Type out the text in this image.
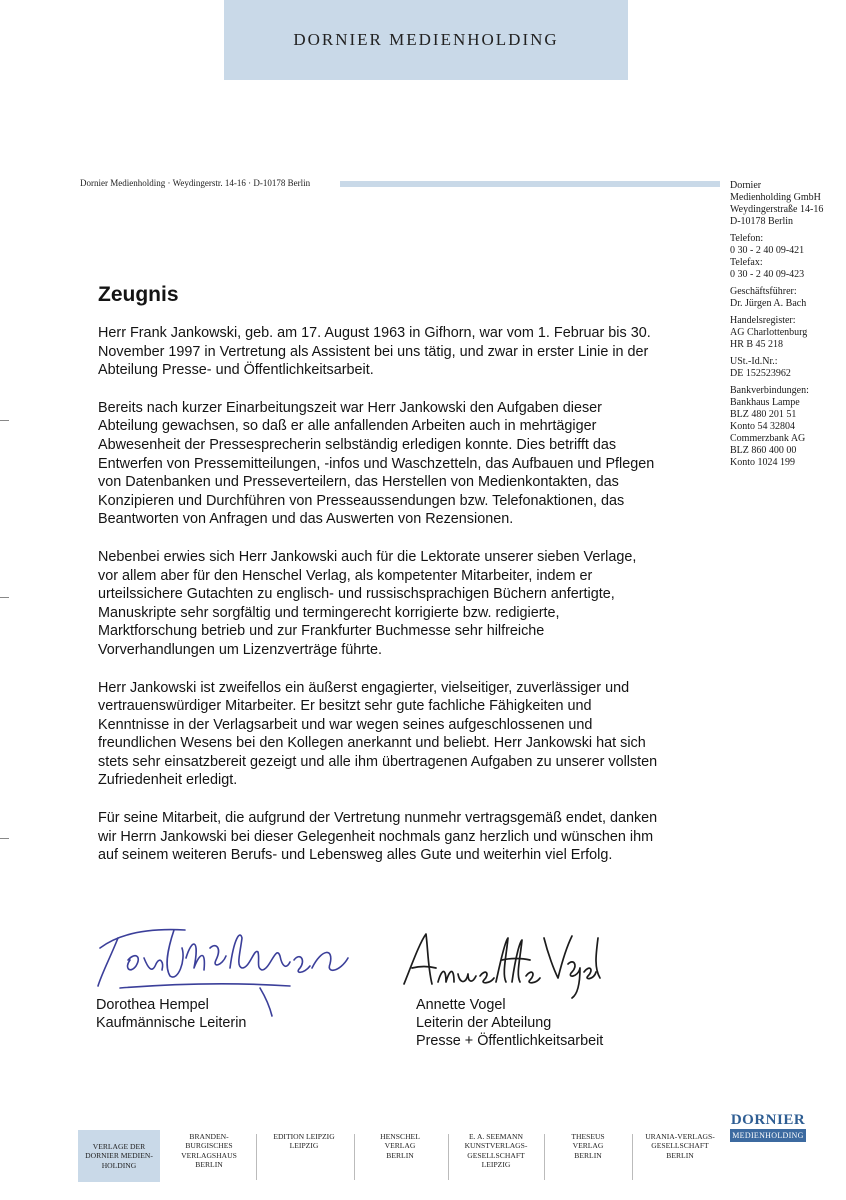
DORNIER MEDIENHOLDING
Dornier Medienholding · Weydingerstr. 14-16 · D-10178 Berlin	Dornier
Medienholding GmbH
Weydingerstraße 14-16
D-10178 Berlin
Telefon:
0 30 - 2 40 09-421
Telefax:
0 30 - 2 40 09-423
Geschäftsführer:
Dr. Jürgen A. Bach
Handelsregister:
AG Charlottenburg
HR B 45 218
USt.-Id.Nr.:
DE 152523962
Bankverbindungen:
Bankhaus Lampe
BLZ 480 201 51
Konto 54 32804
Commerzbank AG
BLZ 860 400 00
Konto 1024 199
Zeugnis

Herr Frank Jankowski, geb. am 17. August 1963 in Gifhorn, war vom 1. Februar bis 30. November 1997 in Vertretung als Assistent bei uns tätig, und zwar in erster Linie in der Abteilung Presse- und Öffentlichkeitsarbeit.

Bereits nach kurzer Einarbeitungszeit war Herr Jankowski den Aufgaben dieser Abteilung gewachsen, so daß er alle anfallenden Arbeiten auch in mehrtägiger Abwesenheit der Pressesprecherin selbständig erledigen konnte. Dies betrifft das Entwerfen von Pressemitteilungen, -infos und Waschzetteln, das Aufbauen und Pflegen von Datenbanken und Presseverteilern, das Herstellen von Medienkontakten, das Konzipieren und Durchführen von Presseaussendungen bzw. Telefonaktionen, das Beantworten von Anfragen und das Auswerten von Rezensionen.

Nebenbei erwies sich Herr Jankowski auch für die Lektorate unserer sieben Verlage, vor allem aber für den Henschel Verlag, als kompetenter Mitarbeiter, indem er urteilssichere Gutachten zu englisch- und russischsprachigen Büchern anfertigte, Manuskripte sehr sorgfältig und termingerecht korrigierte bzw. redigierte, Marktforschung betrieb und zur Frankfurter Buchmesse sehr hilfreiche Vorverhandlungen um Lizenzverträge führte.

Herr Jankowski ist zweifellos ein äußerst engagierter, vielseitiger, zuverlässiger und vertrauenswürdiger Mitarbeiter. Er besitzt sehr gute fachliche Fähigkeiten und Kenntnisse in der Verlagsarbeit und war wegen seines aufgeschlossenen und freundlichen Wesens bei den Kollegen anerkannt und beliebt. Herr Jankowski hat sich stets sehr einsatzbereit gezeigt und alle ihm übertragenen Aufgaben zu unserer vollsten Zufriedenheit erledigt.

Für seine Mitarbeit, die aufgrund der Vertretung nunmehr vertragsgemäß endet, danken wir Herrn Jankowski bei dieser Gelegenheit nochmals ganz herzlich und wünschen ihm auf seinem weiteren Berufs- und Lebensweg alles Gute und weiterhin viel Erfolg.

Dorothea Hempel
Kaufmännische Leiterin
Annette Vogel
Leiterin der Abteilung
Presse + Öffentlichkeitsarbeit
VERLAGE DER
DORNIER MEDIEN-
HOLDING
BRANDEN-
BURGISCHES
VERLAGSHAUS
BERLIN
EDITION LEIPZIG
LEIPZIG
HENSCHEL
VERLAG
BERLIN
E. A. SEEMANN
KUNSTVERLAGS-
GESELLSCHAFT
LEIPZIG
THESEUS
VERLAG
BERLIN
URANIA-VERLAGS-
GESELLSCHAFT
BERLIN
DORNIER
MEDIENHOLDING
